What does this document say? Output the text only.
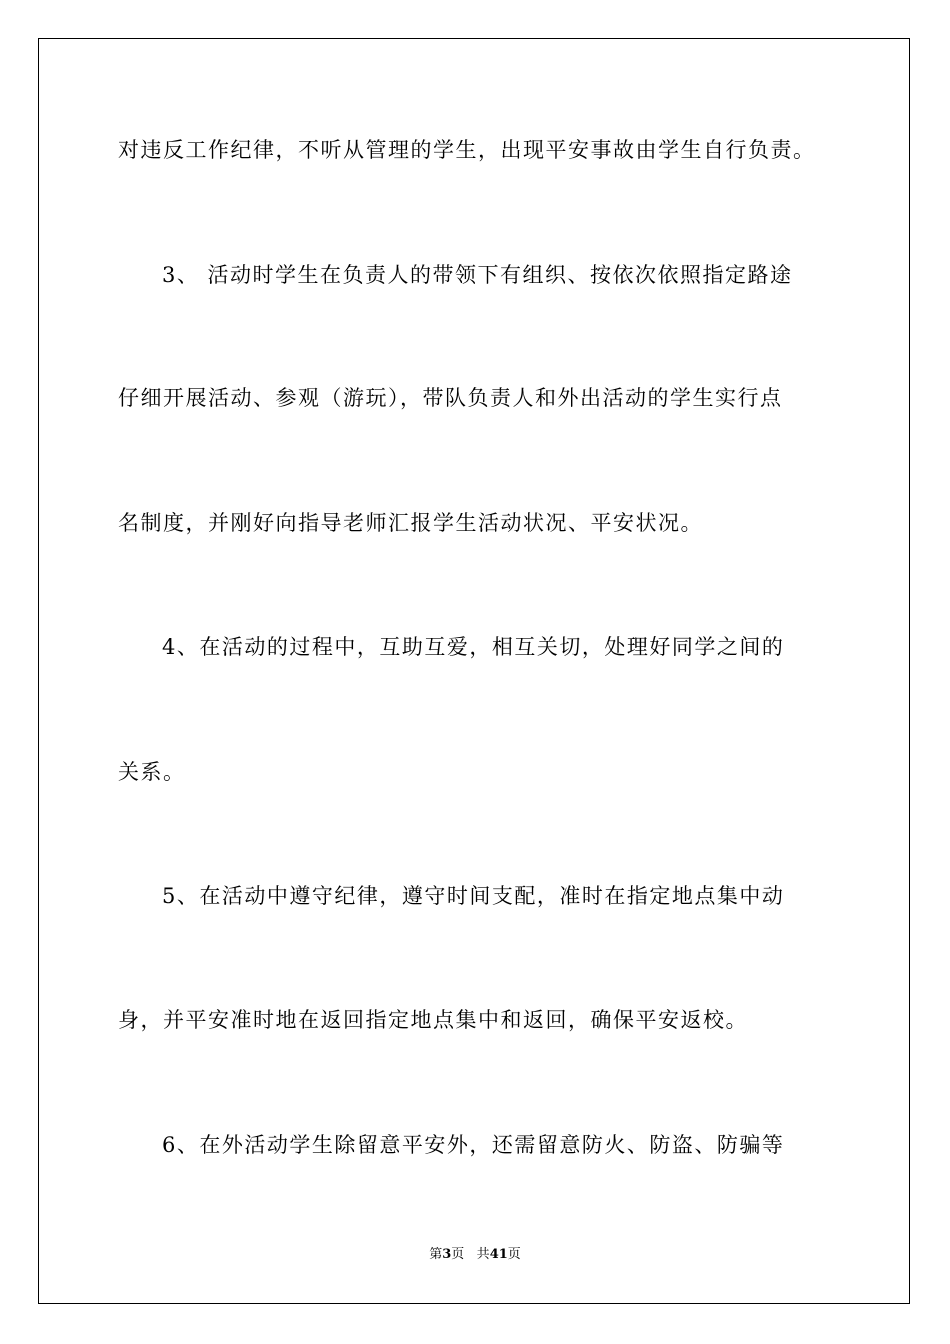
对违反工作纪律，不听从管理的学生，出现平安事故由学生自行负责。
3、 活动时学生在负责人的带领下有组织、按依次依照指定路途
仔细开展活动、参观（游玩），带队负责人和外出活动的学生实行点
名制度，并刚好向指导老师汇报学生活动状况、平安状况。
4、在活动的过程中，互助互爱，相互关切，处理好同学之间的
关系。
5、在活动中遵守纪律，遵守时间支配，准时在指定地点集中动
身，并平安准时地在返回指定地点集中和返回，确保平安返校。
6、在外活动学生除留意平安外，还需留意防火、防盗、防骗等
第3页 共41页
